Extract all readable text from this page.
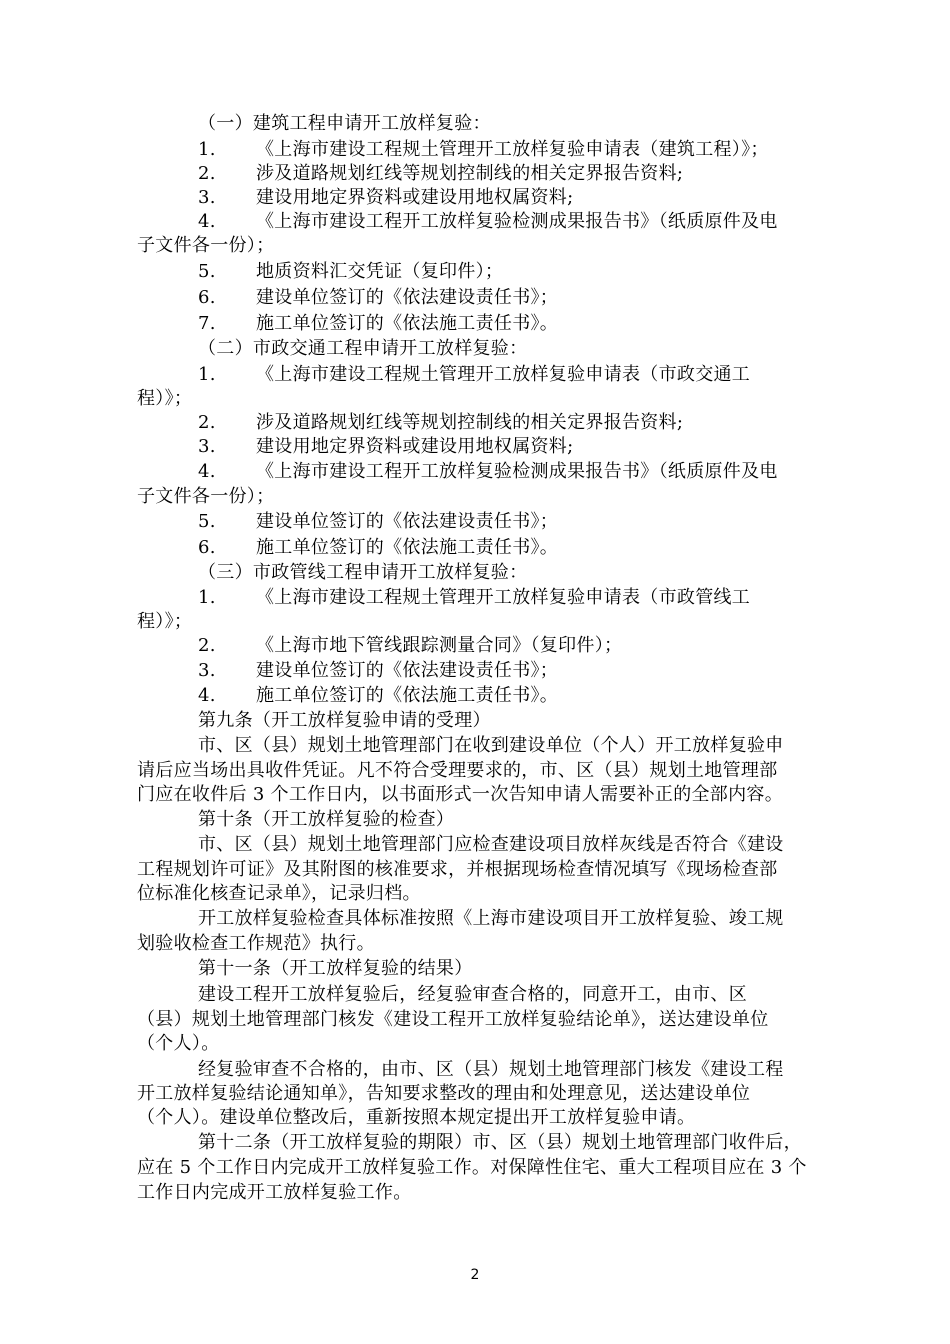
（一）建筑工程申请开工放样复验：
1. 《上海市建设工程规土管理开工放样复验申请表（建筑工程）》；
2. 涉及道路规划红线等规划控制线的相关定界报告资料;
3. 建设用地定界资料或建设用地权属资料;
4. 《上海市建设工程开工放样复验检测成果报告书》（纸质原件及电
子文件各一份）；
5. 地质资料汇交凭证（复印件）；
6. 建设单位签订的《依法建设责任书》；
7. 施工单位签订的《依法施工责任书》。
（二）市政交通工程申请开工放样复验：
1. 《上海市建设工程规土管理开工放样复验申请表（市政交通工
程）》；
2. 涉及道路规划红线等规划控制线的相关定界报告资料;
3. 建设用地定界资料或建设用地权属资料;
4. 《上海市建设工程开工放样复验检测成果报告书》（纸质原件及电
子文件各一份）；
5. 建设单位签订的《依法建设责任书》；
6. 施工单位签订的《依法施工责任书》。
（三）市政管线工程申请开工放样复验：
1. 《上海市建设工程规土管理开工放样复验申请表（市政管线工
程）》；
2. 《上海市地下管线跟踪测量合同》（复印件）；
3. 建设单位签订的《依法建设责任书》；
4. 施工单位签订的《依法施工责任书》。
第九条（开工放样复验申请的受理）
市、区（县）规划土地管理部门在收到建设单位（个人）开工放样复验申
请后应当场出具收件凭证。凡不符合受理要求的，市、区（县）规划土地管理部
门应在收件后 3 个工作日内，以书面形式一次告知申请人需要补正的全部内容。
第十条（开工放样复验的检查）
市、区（县）规划土地管理部门应检查建设项目放样灰线是否符合《建设
工程规划许可证》及其附图的核准要求，并根据现场检查情况填写《现场检查部
位标准化核查记录单》，记录归档。
开工放样复验检查具体标准按照《上海市建设项目开工放样复验、竣工规
划验收检查工作规范》执行。
第十一条（开工放样复验的结果）
建设工程开工放样复验后，经复验审查合格的，同意开工，由市、区
（县）规划土地管理部门核发《建设工程开工放样复验结论单》，送达建设单位
（个人）。
经复验审查不合格的，由市、区（县）规划土地管理部门核发《建设工程
开工放样复验结论通知单》，告知要求整改的理由和处理意见，送达建设单位
（个人）。建设单位整改后，重新按照本规定提出开工放样复验申请。
第十二条（开工放样复验的期限）市、区（县）规划土地管理部门收件后，
应在 5 个工作日内完成开工放样复验工作。对保障性住宅、重大工程项目应在 3 个
工作日内完成开工放样复验工作。
2
